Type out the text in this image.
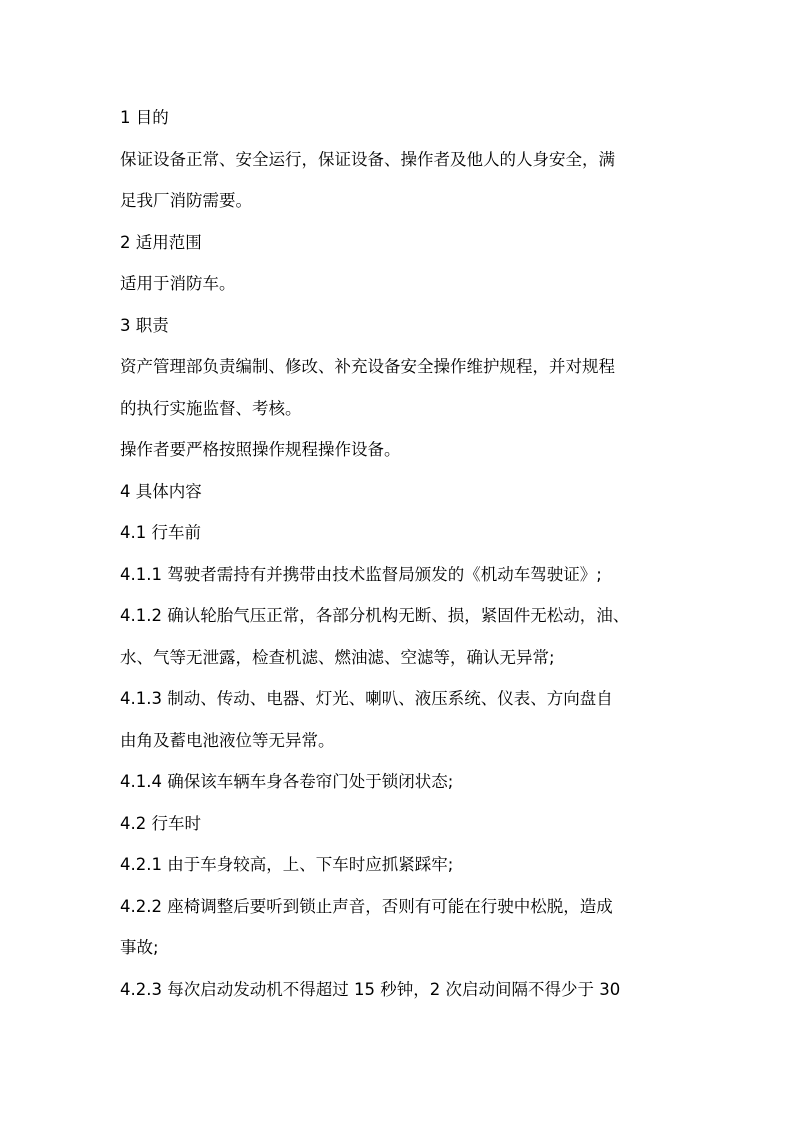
1 目的
保证设备正常、安全运行，保证设备、操作者及他人的人身安全，满
足我厂消防需要。
2 适用范围
适用于消防车。
3 职责
资产管理部负责编制、修改、补充设备安全操作维护规程，并对规程
的执行实施监督、考核。
操作者要严格按照操作规程操作设备。
4 具体内容
4.1 行车前
4.1.1 驾驶者需持有并携带由技术监督局颁发的《机动车驾驶证》;
4.1.2 确认轮胎气压正常，各部分机构无断、损，紧固件无松动，油、
水、气等无泄露，检查机滤、燃油滤、空滤等，确认无异常;
4.1.3 制动、传动、电器、灯光、喇叭、液压系统、仪表、方向盘自
由角及蓄电池液位等无异常。
4.1.4 确保该车辆车身各卷帘门处于锁闭状态;
4.2 行车时
4.2.1 由于车身较高，上、下车时应抓紧踩牢;
4.2.2 座椅调整后要听到锁止声音，否则有可能在行驶中松脱，造成
事故;
4.2.3 每次启动发动机不得超过 15 秒钟，2 次启动间隔不得少于 30
